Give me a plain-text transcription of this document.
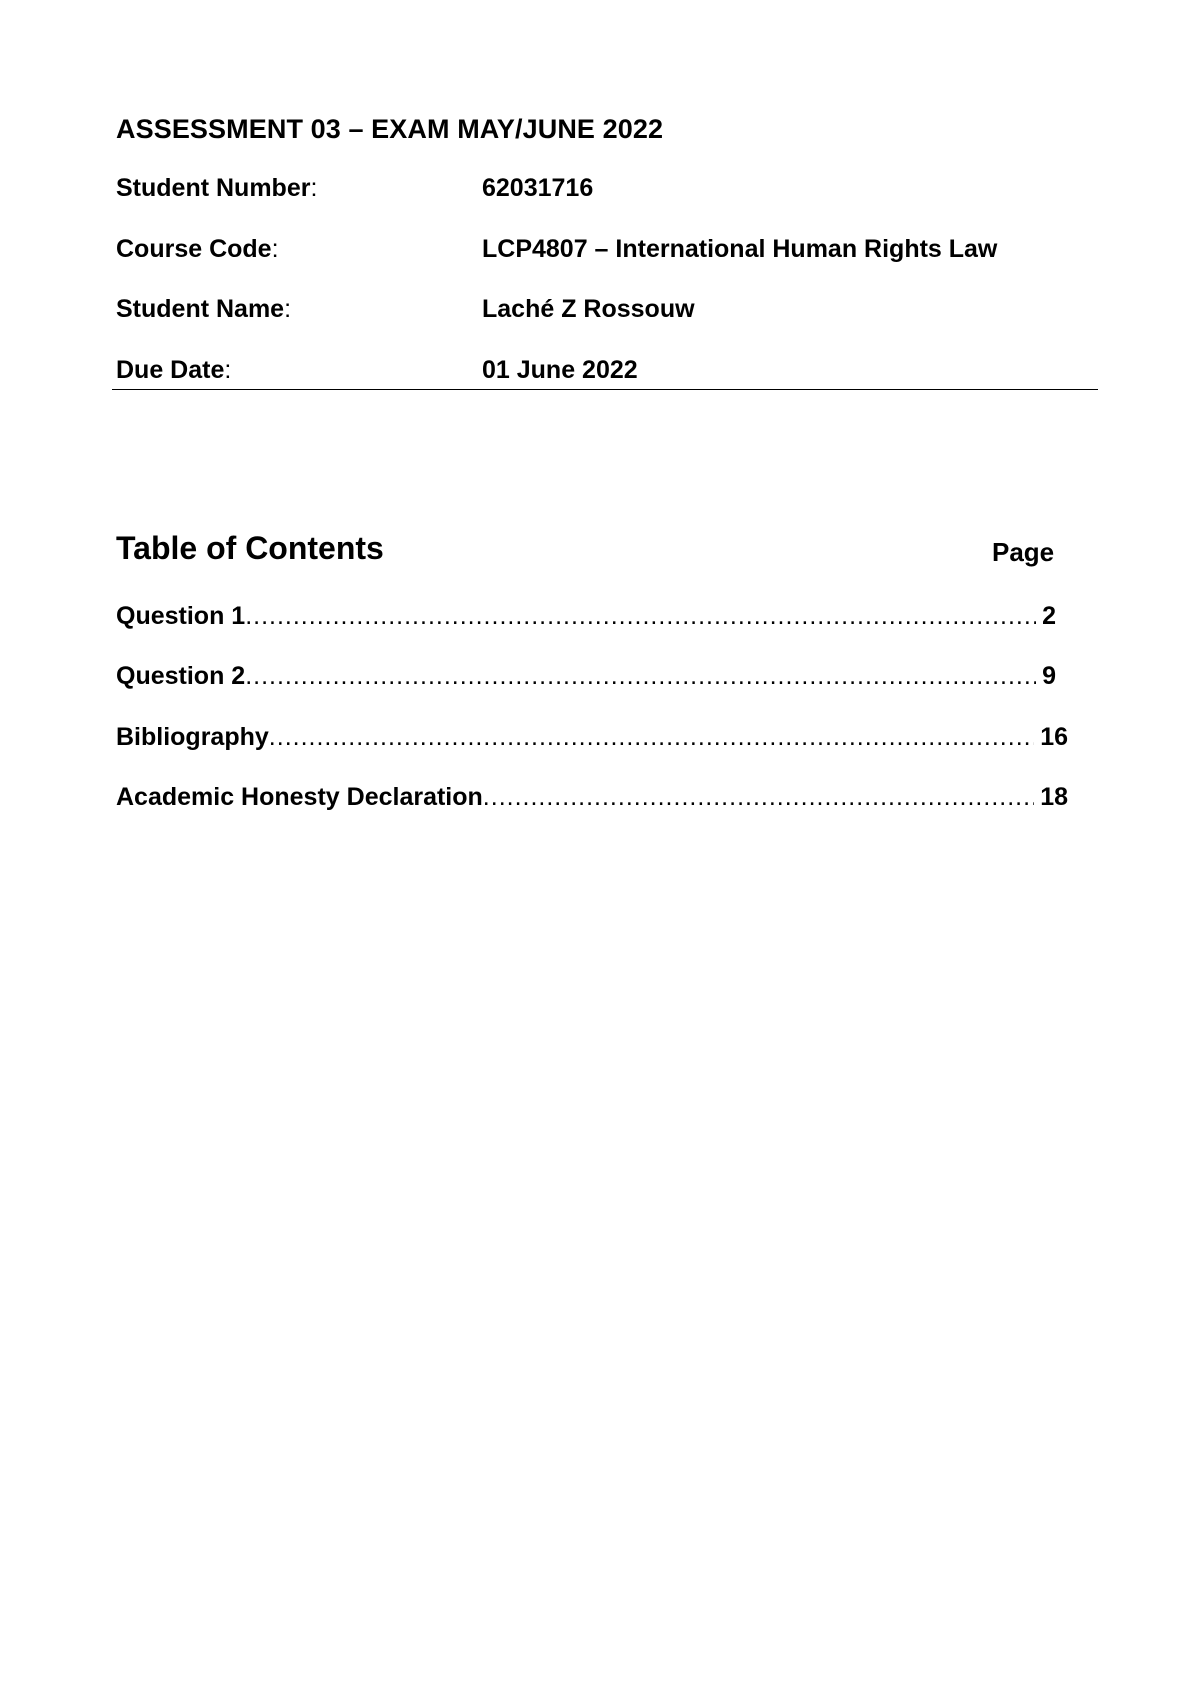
ASSESSMENT 03 – EXAM MAY/JUNE 2022
Student Number:	62031716
Course Code:	LCP4807 – International Human Rights Law
Student Name:	Laché Z Rossouw
Due Date:	01 June 2022
Table of Contents	Page
Question 1 .....	2
Question 2 .....	9
Bibliography .....	16
Academic Honesty Declaration .....	18
